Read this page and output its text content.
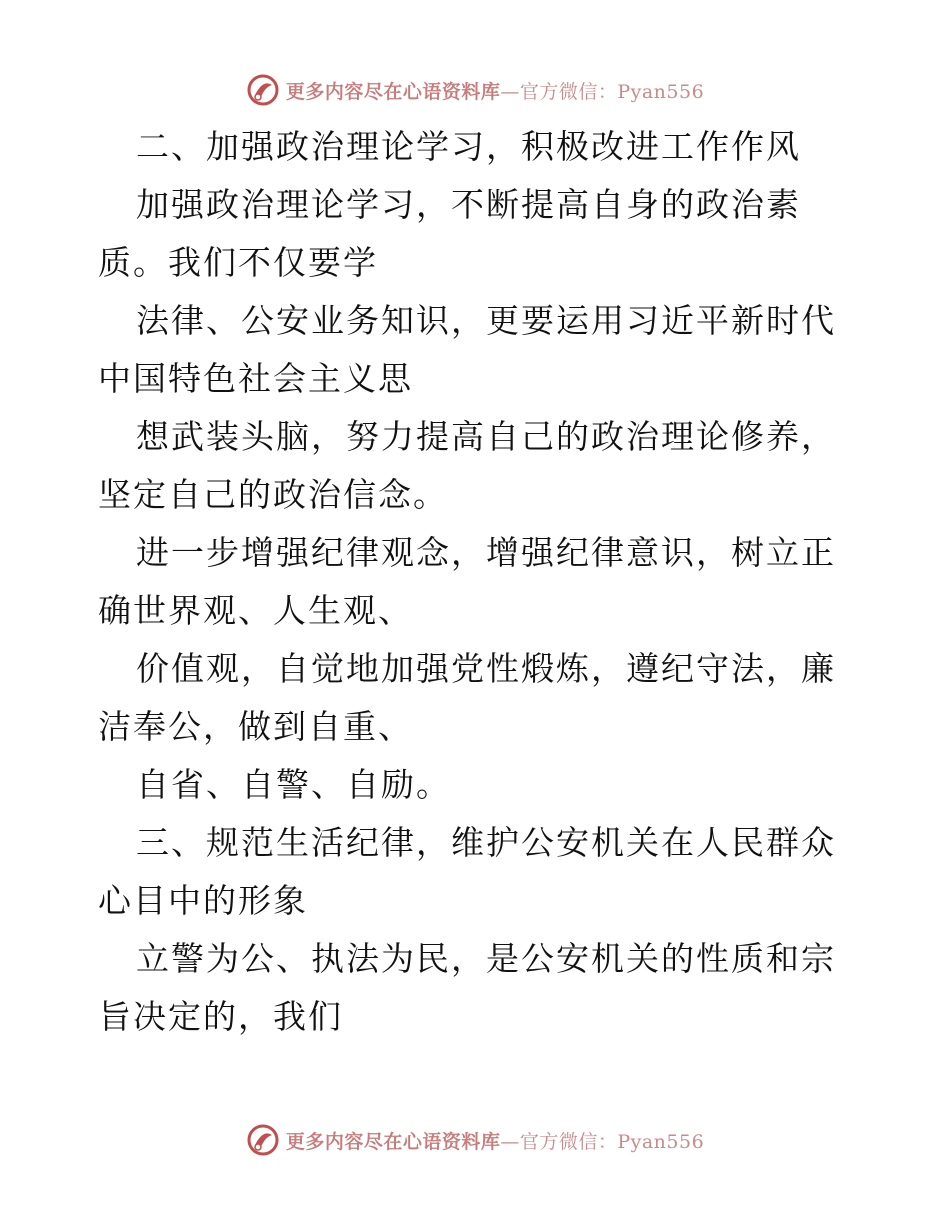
更多内容尽在心语资料库—官方微信：Pyan556

二、加强政治理论学习，积极改进工作作风

加强政治理论学习，不断提高自身的政治素质。我们不仅要学

法律、公安业务知识，更要运用习近平新时代中国特色社会主义思

想武装头脑，努力提高自己的政治理论修养，坚定自己的政治信念。

进一步增强纪律观念，增强纪律意识，树立正确世界观、人生观、

价值观，自觉地加强党性煅炼，遵纪守法，廉洁奉公，做到自重、

自省、自警、自励。

三、规范生活纪律，维护公安机关在人民群众心目中的形象

立警为公、执法为民，是公安机关的性质和宗旨决定的，我们

更多内容尽在心语资料库—官方微信：Pyan556
